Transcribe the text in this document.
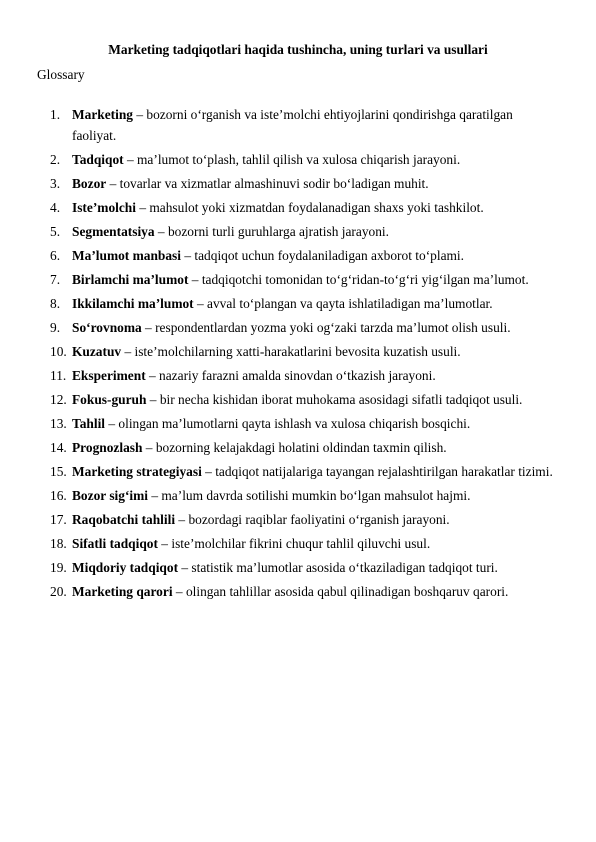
Marketing tadqiqotlari haqida tushincha, uning turlari va usullari
Glossary
1. Marketing – bozorni o‘rganish va iste’molchi ehtiyojlarini qondirishga qaratilgan faoliyat.
2. Tadqiqot – ma’lumot to‘plash, tahlil qilish va xulosa chiqarish jarayoni.
3. Bozor – tovarlar va xizmatlar almashinuvi sodir bo‘ladigan muhit.
4. Iste’molchi – mahsulot yoki xizmatdan foydalanadigan shaxs yoki tashkilot.
5. Segmentatsiya – bozorni turli guruhlarga ajratish jarayoni.
6. Ma’lumot manbasi – tadqiqot uchun foydalaniladigan axborot to‘plami.
7. Birlamchi ma’lumot – tadqiqotchi tomonidan to‘g‘ridan-to‘g‘ri yig‘ilgan ma’lumot.
8. Ikkilamchi ma’lumot – avval to‘plangan va qayta ishlatiladigan ma’lumotlar.
9. So‘rovnoma – respondentlardan yozma yoki og‘zaki tarzda ma’lumot olish usuli.
10. Kuzatuv – iste’molchilarning xatti-harakatlarini bevosita kuzatish usuli.
11. Eksperiment – nazariy farazni amalda sinovdan o‘tkazish jarayoni.
12. Fokus-guruh – bir necha kishidan iborat muhokama asosidagi sifatli tadqiqot usuli.
13. Tahlil – olingan ma’lumotlarni qayta ishlash va xulosa chiqarish bosqichi.
14. Prognozlash – bozorning kelajakdagi holatini oldindan taxmin qilish.
15. Marketing strategiyasi – tadqiqot natijalariga tayangan rejalashtirilgan harakatlar tizimi.
16. Bozor sig‘imi – ma’lum davrda sotilishi mumkin bo‘lgan mahsulot hajmi.
17. Raqobatchi tahlili – bozordagi raqiblar faoliyatini o‘rganish jarayoni.
18. Sifatli tadqiqot – iste’molchilar fikrini chuqur tahlil qiluvchi usul.
19. Miqdoriy tadqiqot – statistik ma’lumotlar asosida o‘tkaziladigan tadqiqot turi.
20. Marketing qarori – olingan tahlillar asosida qabul qilinadigan boshqaruv qarori.
